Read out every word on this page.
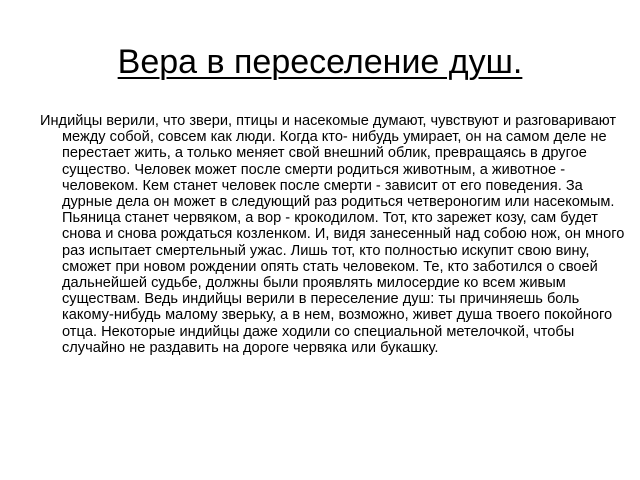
Вера в переселение душ.

Индийцы верили, что звери, птицы и насекомые думают, чувствуют и разговаривают между собой, совсем как люди. Когда кто- нибудь умирает, он на самом деле не перестает жить, а только меняет свой внешний облик, превращаясь в другое существо. Человек может после смерти родиться животным, а животное - человеком. Кем станет человек после смерти - зависит от его поведения. За дурные дела он может в следующий раз родиться четвероногим или насекомым. Пьяница станет червяком, а вор - крокодилом. Тот, кто зарежет козу, сам будет снова и снова рождаться козленком. И, видя занесенный над собою нож, он много раз испытает смертельный ужас. Лишь тот, кто полностью искупит свою вину, сможет при новом рождении опять стать человеком. Те, кто заботился о своей дальнейшей судьбе, должны были проявлять милосердие ко всем живым существам. Ведь индийцы верили в переселение душ: ты причиняешь боль какому-нибудь малому зверьку, а в нем, возможно, живет душа твоего покойного отца. Некоторые индийцы даже ходили со специальной метелочкой, чтобы случайно не раздавить на дороге червяка или букашку.
